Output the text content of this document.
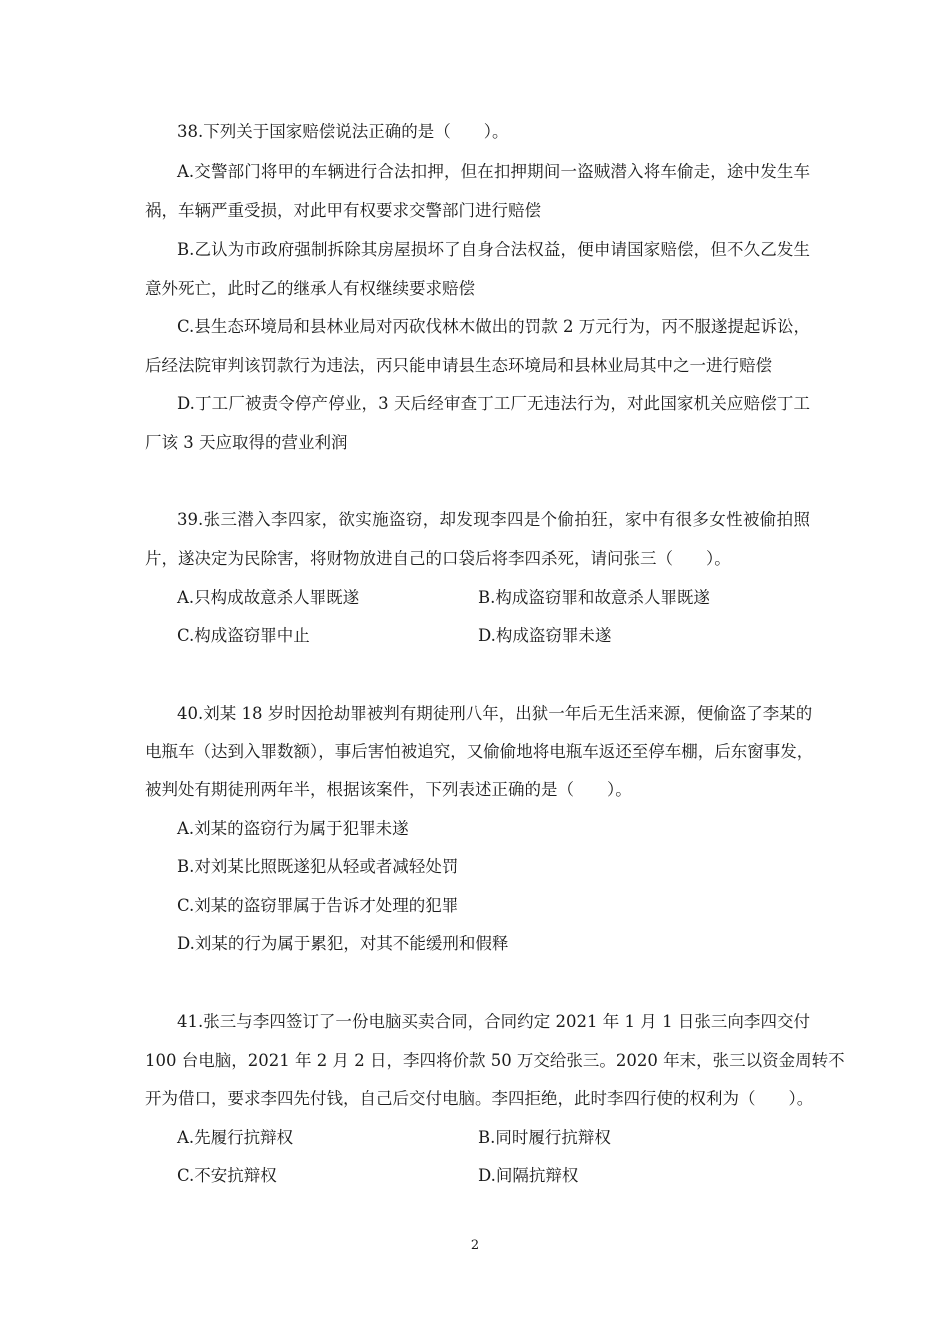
38.下列关于国家赔偿说法正确的是（　　）。
A.交警部门将甲的车辆进行合法扣押，但在扣押期间一盗贼潜入将车偷走，途中发生车
祸，车辆严重受损，对此甲有权要求交警部门进行赔偿
B.乙认为市政府强制拆除其房屋损坏了自身合法权益，便申请国家赔偿，但不久乙发生
意外死亡，此时乙的继承人有权继续要求赔偿
C.县生态环境局和县林业局对丙砍伐林木做出的罚款 2 万元行为，丙不服遂提起诉讼，
后经法院审判该罚款行为违法，丙只能申请县生态环境局和县林业局其中之一进行赔偿
D.丁工厂被责令停产停业，3 天后经审查丁工厂无违法行为，对此国家机关应赔偿丁工
厂该 3 天应取得的营业利润
39.张三潜入李四家，欲实施盗窃，却发现李四是个偷拍狂，家中有很多女性被偷拍照
片，遂决定为民除害，将财物放进自己的口袋后将李四杀死，请问张三（　　）。
A.只构成故意杀人罪既遂	B.构成盗窃罪和故意杀人罪既遂
C.构成盗窃罪中止	D.构成盗窃罪未遂
40.刘某 18 岁时因抢劫罪被判有期徒刑八年，出狱一年后无生活来源，便偷盗了李某的
电瓶车（达到入罪数额），事后害怕被追究，又偷偷地将电瓶车返还至停车棚，后东窗事发，
被判处有期徒刑两年半，根据该案件，下列表述正确的是（　　）。
A.刘某的盗窃行为属于犯罪未遂
B.对刘某比照既遂犯从轻或者减轻处罚
C.刘某的盗窃罪属于告诉才处理的犯罪
D.刘某的行为属于累犯，对其不能缓刑和假释
41.张三与李四签订了一份电脑买卖合同，合同约定 2021 年 1 月 1 日张三向李四交付
100 台电脑，2021 年 2 月 2 日，李四将价款 50 万交给张三。2020 年末，张三以资金周转不
开为借口，要求李四先付钱，自己后交付电脑。李四拒绝，此时李四行使的权利为（　　）。
A.先履行抗辩权	B.同时履行抗辩权
C.不安抗辩权	D.间隔抗辩权
2
